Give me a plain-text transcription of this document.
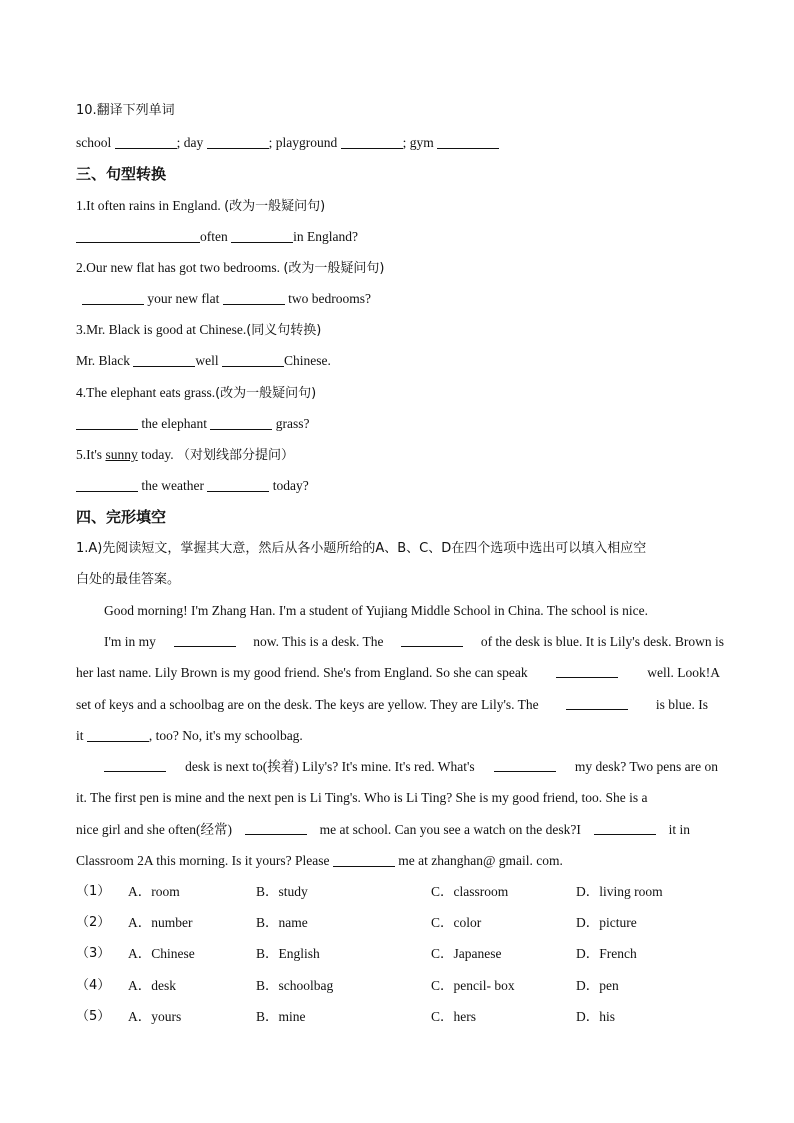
10.翻译下列单词
school	; day	; playground	; gym
三、句型转换
1.It often rains in England. (改为一般疑问句)
often	in England?
2.Our new flat has got two bedrooms. (改为一般疑问句)
your new flat	two bedrooms?
3.Mr. Black is good at Chinese.(同义句转换)
Mr. Black	well	Chinese.
4.The elephant eats grass.(改为一般疑问句)
the elephant	grass?
5.It's sunny today. （对划线部分提问）
the weather	today?
四、完形填空
1.A)先阅读短文，掌握其大意，然后从各小题所给的A、B、C、D在四个选项中选出可以填入相应空
白处的最佳答案。
Good morning! I'm Zhang Han. I'm a student of Yujiang Middle School in China. The school is nice.
I'm in my	now. This is a desk. The	of the desk is blue. It is Lily's desk. Brown is
her last name. Lily Brown is my good friend. She's from England. So she can speak	well. Look!A
set of keys and a schoolbag are on the desk. The keys are yellow. They are Lily's. The	is blue. Is
it	, too? No, it's my schoolbag.
desk is next to(挨着) Lily's? It's mine. It's red. What's	my desk? Two pens are on
it. The first pen is mine and the next pen is Li Ting's. Who is Li Ting? She is my good friend, too. She is a
nice girl and she often(经常)	me at school. Can you see a watch on the desk?I	it in
Classroom 2A this morning. Is it yours? Please	me at zhanghan@ gmail. com.
（1） A．room	B．study	C．classroom	D．living room
（2） A．number	B．name	C．color	D．picture
（3） A．Chinese	B．English	C．Japanese	D．French
（4） A．desk	B．schoolbag	C．pencil- box	D．pen
（5） A．yours	B．mine	C．hers	D．his
